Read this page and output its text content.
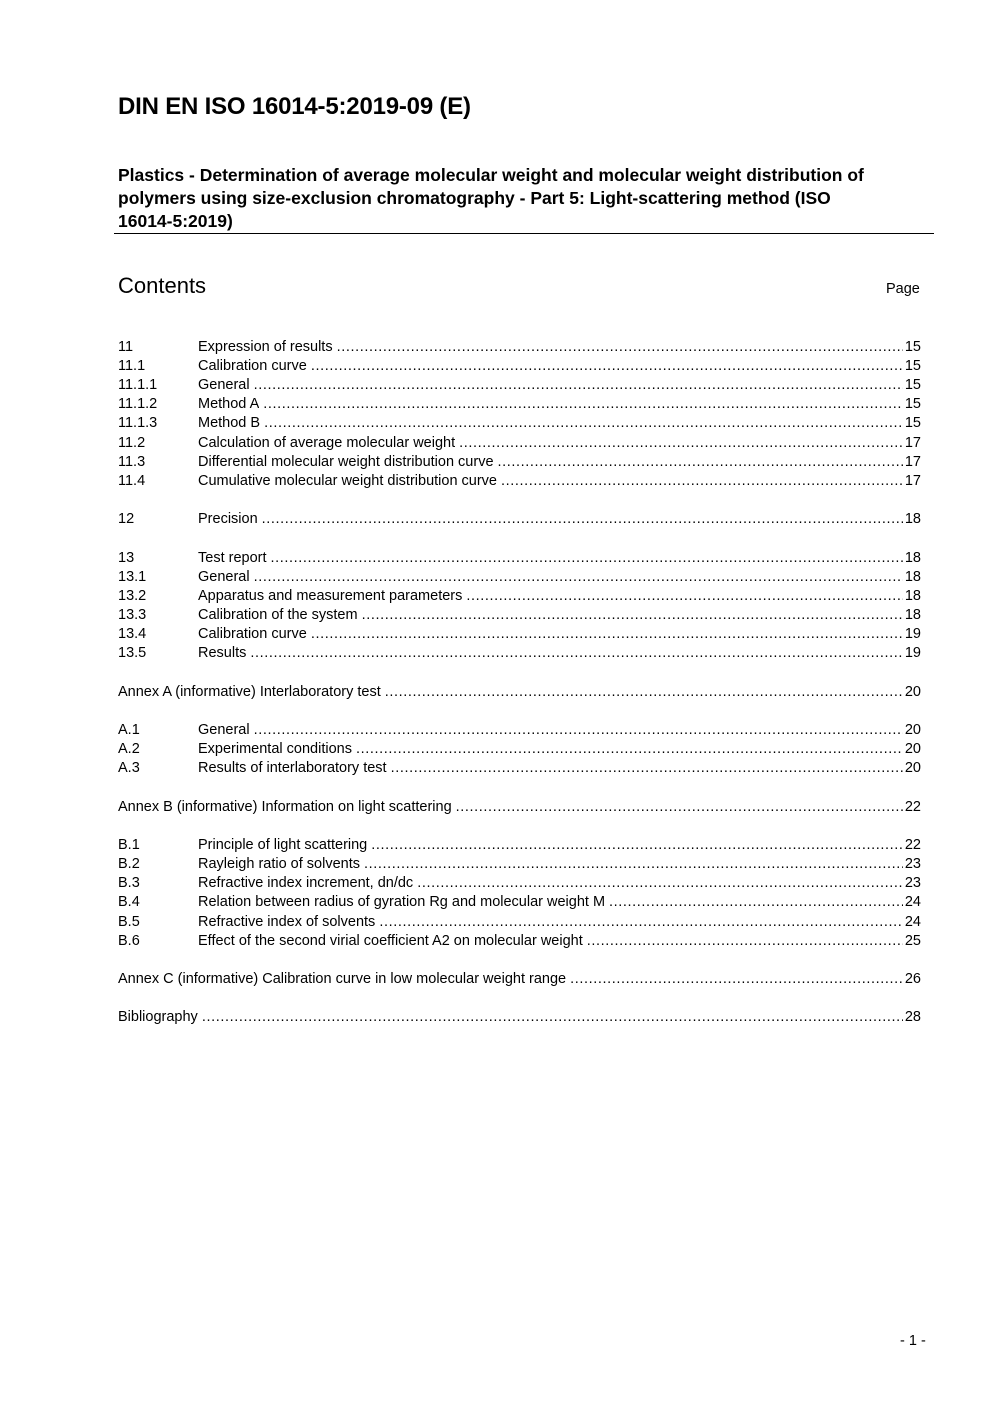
DIN EN ISO 16014-5:2019-09 (E)
Plastics - Determination of average molecular weight and molecular weight distribution of polymers using size-exclusion chromatography - Part 5: Light-scattering method (ISO 16014-5:2019)
Contents	Page
11	Expression of results .....	15
11.1	Calibration curve .....	15
11.1.1	General .....	15
11.1.2	Method A .....	15
11.1.3	Method B .....	15
11.2	Calculation of average molecular weight .....	17
11.3	Differential molecular weight distribution curve .....	17
11.4	Cumulative molecular weight distribution curve .....	17
12	Precision .....	18
13	Test report .....	18
13.1	General .....	18
13.2	Apparatus and measurement parameters .....	18
13.3	Calibration of the system .....	18
13.4	Calibration curve .....	19
13.5	Results .....	19
Annex A (informative) Interlaboratory test .....	20
A.1	General .....	20
A.2	Experimental conditions .....	20
A.3	Results of interlaboratory test .....	20
Annex B (informative) Information on light scattering .....	22
B.1	Principle of light scattering .....	22
B.2	Rayleigh ratio of solvents .....	23
B.3	Refractive index increment, dn/dc .....	23
B.4	Relation between radius of gyration Rg and molecular weight M .....	24
B.5	Refractive index of solvents .....	24
B.6	Effect of the second virial coefficient A2 on molecular weight .....	25
Annex C (informative) Calibration curve in low molecular weight range .....	26
Bibliography .....	28
- 1 -
